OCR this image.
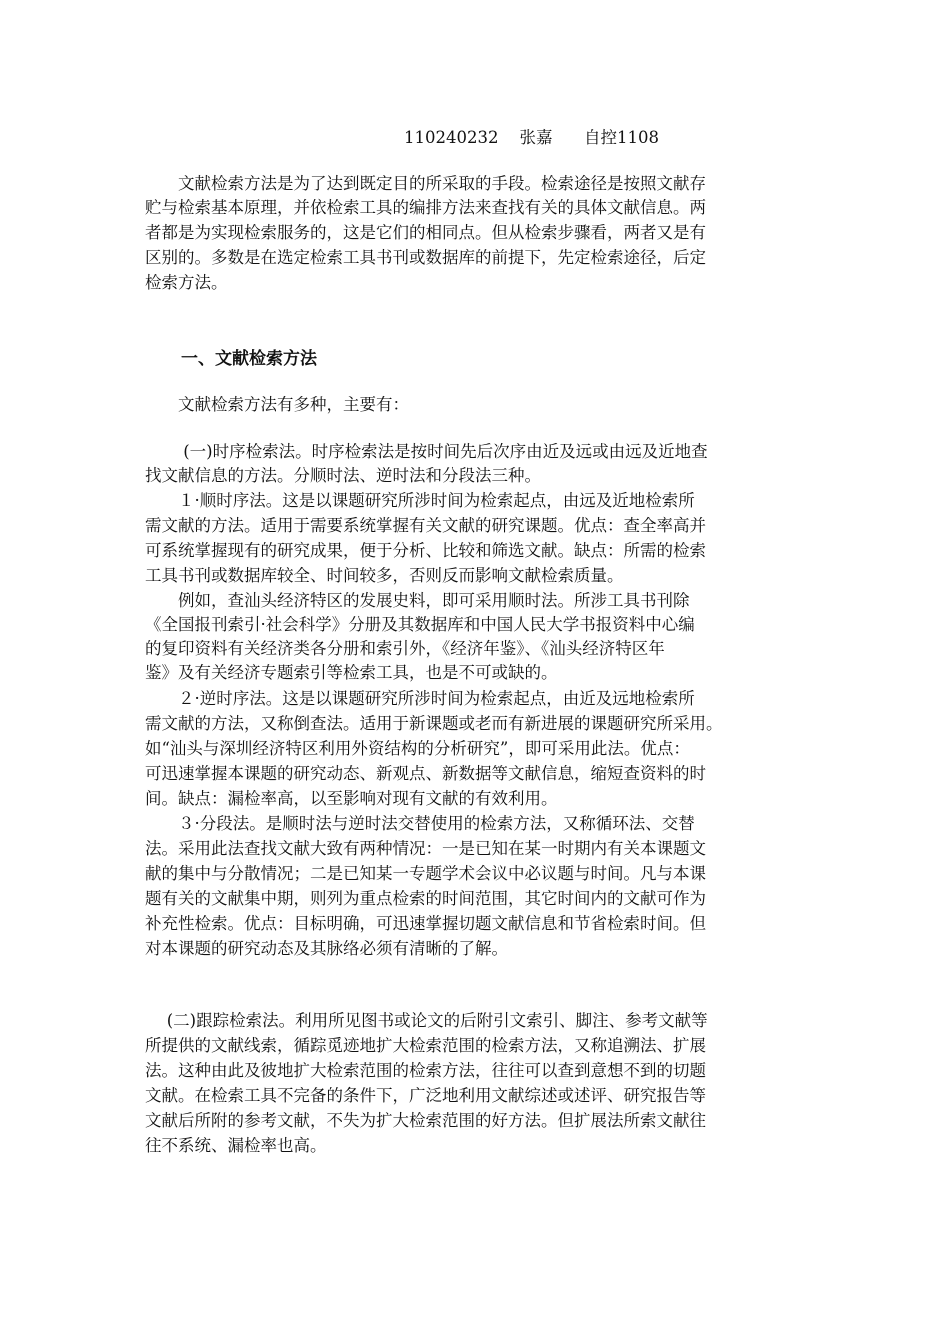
110240232 张嘉 自控1108
　　文献检索方法是为了达到既定目的所采取的手段。检索途径是按照文献存
贮与检索基本原理，并依检索工具的编排方法来查找有关的具体文献信息。两
者都是为实现检索服务的，这是它们的相同点。但从检索步骤看，两者又是有
区别的。多数是在选定检索工具书刊或数据库的前提下，先定检索途径，后定
检索方法。
一、文献检索方法
　　文献检索方法有多种，主要有：
　　 (一)时序检索法。时序检索法是按时间先后次序由近及远或由远及近地查
找文献信息的方法。分顺时法、逆时法和分段法三种。
　　１·顺时序法。这是以课题研究所涉时间为检索起点，由远及近地检索所
需文献的方法。适用于需要系统掌握有关文献的研究课题。优点：查全率高并
可系统掌握现有的研究成果，便于分析、比较和筛选文献。缺点：所需的检索
工具书刊或数据库较全、时间较多，否则反而影响文献检索质量。
　　例如，查汕头经济特区的发展史料，即可采用顺时法。所涉工具书刊除
《全国报刊索引·社会科学》分册及其数据库和中国人民大学书报资料中心编
的复印资料有关经济类各分册和索引外，《经济年鉴》、《汕头经济特区年
鉴》及有关经济专题索引等检索工具，也是不可或缺的。
　　２·逆时序法。这是以课题研究所涉时间为检索起点，由近及远地检索所
需文献的方法，又称倒查法。适用于新课题或老而有新进展的课题研究所采用。
如“汕头与深圳经济特区利用外资结构的分析研究”，即可采用此法。优点：
可迅速掌握本课题的研究动态、新观点、新数据等文献信息，缩短查资料的时
间。缺点：漏检率高，以至影响对现有文献的有效利用。
　　３·分段法。是顺时法与逆时法交替使用的检索方法，又称循环法、交替
法。采用此法查找文献大致有两种情况：一是已知在某一时期内有关本课题文
献的集中与分散情况；二是已知某一专题学术会议中必议题与时间。凡与本课
题有关的文献集中期，则列为重点检索的时间范围，其它时间内的文献可作为
补充性检索。优点：目标明确，可迅速掌握切题文献信息和节省检索时间。但
对本课题的研究动态及其脉络必须有清晰的了解。
　 (二)跟踪检索法。利用所见图书或论文的后附引文索引、脚注、参考文献等
所提供的文献线索，循踪觅迹地扩大检索范围的检索方法，又称追溯法、扩展
法。这种由此及彼地扩大检索范围的检索方法，往往可以查到意想不到的切题
文献。在检索工具不完备的条件下，广泛地利用文献综述或述评、研究报告等
文献后所附的参考文献，不失为扩大检索范围的好方法。但扩展法所索文献往
往不系统、漏检率也高。
